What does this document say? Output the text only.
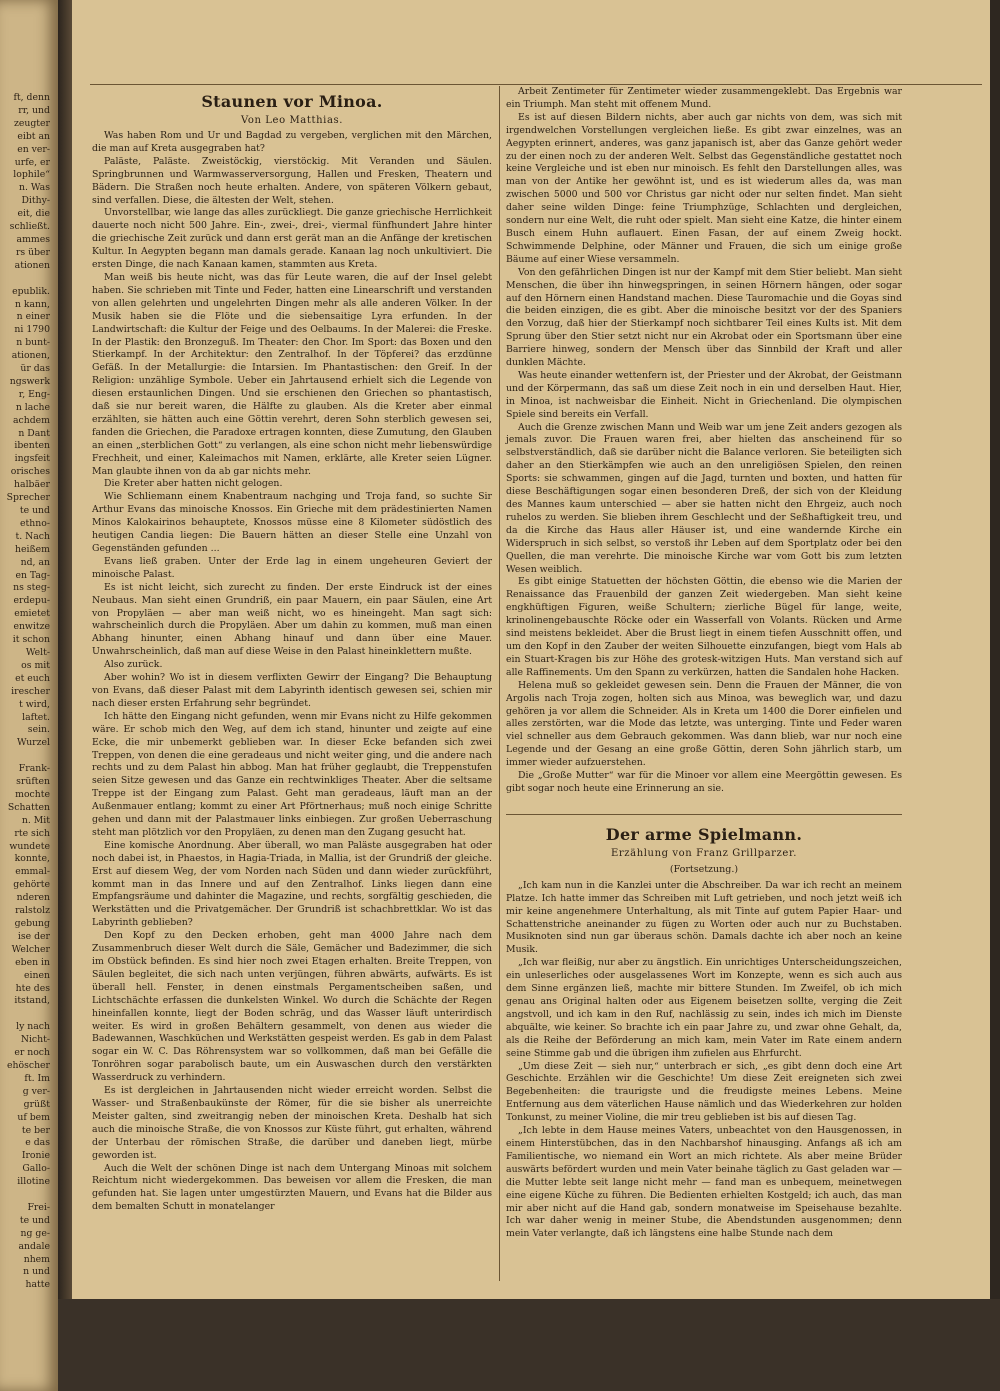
ft, denn
rr, und
zeugter
eibt an
en ver‑
urfe, er
lophile“
n. Was
Dithy‑
eit, die
schließt.
ammes
rs über
ationen

epublik.
n kann,
n einer
ni 1790
n bunt‑
ationen,
ür das
ngswerk
r, Eng‑
n lache
achdem
n Dant
ibenten
ingsfeit
orisches
halbäer
Sprecher
te und
ethno‑
t. Nach
heißem
nd, an
en Tag‑
ns steg‑
erdepu‑
emietet
enwitze
it schon
Welt‑
os mit
et euch
irescher
t wird,
laftet.
sein.
Wurzel

Frank‑
srüften
mochte
Schatten
n. Mit
rte sich
wundete
konnte,
emmal‑
gehörte
nderen
ralstolz
gebung
ise der
Welcher
eben in
einen
hte des
itstand,

ly nach
Nicht‑
er noch
ehöscher
ft. Im
g ver‑
grüßt
uf bem
te ber
e das
Ironie
Gallo‑
illotine

Frei‑
te und
ng ge‑
andale
nhem
n und
hatte
Staunen vor Minoa.
Von Leo Matthias.

Was haben Rom und Ur und Bagdad zu vergeben, verglichen mit den Märchen, die man auf Kreta ausgegraben hat?

Paläste, Paläste. Zweistöckig, vierstöckig. Mit Veranden und Säulen. Springbrunnen und Warmwasserversorgung, Hallen und Fresken, Theatern und Bädern. Die Straßen noch heute erhalten. Andere, von späteren Völkern gebaut, sind verfallen. Diese, die ältesten der Welt, stehen.

Unvorstellbar, wie lange das alles zurückliegt. Die ganze griechische Herrlichkeit dauerte noch nicht 500 Jahre. Ein‑, zwei‑, drei‑, viermal fünfhundert Jahre hinter die griechische Zeit zurück und dann erst gerät man an die Anfänge der kretischen Kultur. In Aegypten begann man damals gerade. Kanaan lag noch unkultiviert. Die ersten Dinge, die nach Kanaan kamen, stammten aus Kreta.

Man weiß bis heute nicht, was das für Leute waren, die auf der Insel gelebt haben. Sie schrieben mit Tinte und Feder, hatten eine Linearschrift und verstanden von allen gelehrten und ungelehrten Dingen mehr als alle anderen Völker. In der Musik haben sie die Flöte und die siebensaitige Lyra erfunden. In der Landwirtschaft: die Kultur der Feige und des Oelbaums. In der Malerei: die Freske. In der Plastik: den Bronzeguß. Im Theater: den Chor. Im Sport: das Boxen und den Stierkampf. In der Architektur: den Zentralhof. In der Töpferei? das erzdünne Gefäß. In der Metallurgie: die Intarsien. Im Phantastischen: den Greif. In der Religion: unzählige Symbole. Ueber ein Jahrtausend erhielt sich die Legende von diesen erstaunlichen Dingen. Und sie erschienen den Griechen so phantastisch, daß sie nur bereit waren, die Hälfte zu glauben. Als die Kreter aber einmal erzählten, sie hätten auch eine Göttin verehrt, deren Sohn sterblich gewesen sei, fanden die Griechen, die Paradoxe ertragen konnten, diese Zumutung, den Glauben an einen „sterblichen Gott“ zu verlangen, als eine schon nicht mehr liebenswürdige Frechheit, und einer, Kaleimachos mit Namen, erklärte, alle Kreter seien Lügner. Man glaubte ihnen von da ab gar nichts mehr.

Die Kreter aber hatten nicht gelogen.

Wie Schliemann einem Knabentraum nachging und Troja fand, so suchte Sir Arthur Evans das minoische Knossos. Ein Grieche mit dem prädestinierten Namen Minos Kalokairinos behauptete, Knossos müsse eine 8 Kilometer südöstlich des heutigen Candia liegen: Die Bauern hätten an dieser Stelle eine Unzahl von Gegenständen gefunden ...

Evans ließ graben. Unter der Erde lag in einem ungeheuren Geviert der minoische Palast.

Es ist nicht leicht, sich zurecht zu finden. Der erste Eindruck ist der eines Neubaus. Man sieht einen Grundriß, ein paar Mauern, ein paar Säulen, eine Art von Propyläen — aber man weiß nicht, wo es hineingeht. Man sagt sich: wahrscheinlich durch die Propyläen. Aber um dahin zu kommen, muß man einen Abhang hinunter, einen Abhang hinauf und dann über eine Mauer. Unwahrscheinlich, daß man auf diese Weise in den Palast hineinklettern mußte.

Also zurück.

Aber wohin? Wo ist in diesem verflixten Gewirr der Eingang? Die Behauptung von Evans, daß dieser Palast mit dem Labyrinth identisch gewesen sei, schien mir nach dieser ersten Erfahrung sehr begründet.

Ich hätte den Eingang nicht gefunden, wenn mir Evans nicht zu Hilfe gekommen wäre. Er schob mich den Weg, auf dem ich stand, hinunter und zeigte auf eine Ecke, die mir unbemerkt geblieben war. In dieser Ecke befanden sich zwei Treppen, von denen die eine geradeaus und nicht weiter ging, und die andere nach rechts und zu dem Palast hin abbog. Man hat früher geglaubt, die Treppenstufen seien Sitze gewesen und das Ganze ein rechtwinkliges Theater. Aber die seltsame Treppe ist der Eingang zum Palast. Geht man geradeaus, läuft man an der Außenmauer entlang; kommt zu einer Art Pförtnerhaus; muß noch einige Schritte gehen und dann mit der Palastmauer links einbiegen. Zur großen Ueberraschung steht man plötzlich vor den Propyläen, zu denen man den Zugang gesucht hat.

Eine komische Anordnung. Aber überall, wo man Paläste ausgegraben hat oder noch dabei ist, in Phaestos, in Hagia‑Triada, in Mallia, ist der Grundriß der gleiche. Erst auf diesem Weg, der vom Norden nach Süden und dann wieder zurückführt, kommt man in das Innere und auf den Zentralhof. Links liegen dann eine Empfangsräume und dahinter die Magazine, und rechts, sorgfältig geschieden, die Werkstätten und die Privatgemächer. Der Grundriß ist schachbrettklar. Wo ist das Labyrinth geblieben?

Den Kopf zu den Decken erhoben, geht man 4000 Jahre nach dem Zusammenbruch dieser Welt durch die Säle, Gemächer und Badezimmer, die sich im Obstück befinden. Es sind hier noch zwei Etagen erhalten. Breite Treppen, von Säulen begleitet, die sich nach unten verjüngen, führen abwärts, aufwärts. Es ist überall hell. Fenster, in denen einstmals Pergamentscheiben saßen, und Lichtschächte erfassen die dunkelsten Winkel. Wo durch die Schächte der Regen hineinfallen konnte, liegt der Boden schräg, und das Wasser läuft unterirdisch weiter. Es wird in großen Behältern gesammelt, von denen aus wieder die Badewannen, Waschküchen und Werkstätten gespeist werden. Es gab in dem Palast sogar ein W. C. Das Röhrensystem war so vollkommen, daß man bei Gefälle die Tonröhren sogar parabolisch baute, um ein Auswaschen durch den verstärkten Wasserdruck zu verhindern.

Es ist dergleichen in Jahrtausenden nicht wieder erreicht worden. Selbst die Wasser‑ und Straßenbaukünste der Römer, für die sie bisher als unerreichte Meister galten, sind zweitrangig neben der minoischen Kreta. Deshalb hat sich auch die minoische Straße, die von Knossos zur Küste führt, gut erhalten, während der Unterbau der römischen Straße, die darüber und daneben liegt, mürbe geworden ist.

Auch die Welt der schönen Dinge ist nach dem Untergang Minoas mit solchem Reichtum nicht wiedergekommen. Das beweisen vor allem die Fresken, die man gefunden hat. Sie lagen unter umgestürzten Mauern, und Evans hat die Bilder aus dem bemalten Schutt in monatelanger

Arbeit Zentimeter für Zentimeter wieder zusammengeklebt. Das Ergebnis war ein Triumph. Man steht mit offenem Mund.

Es ist auf diesen Bildern nichts, aber auch gar nichts von dem, was sich mit irgendwelchen Vorstellungen vergleichen ließe. Es gibt zwar einzelnes, was an Aegypten erinnert, anderes, was ganz japanisch ist, aber das Ganze gehört weder zu der einen noch zu der anderen Welt. Selbst das Gegenständliche gestattet noch keine Vergleiche und ist eben nur minoisch. Es fehlt den Darstellungen alles, was man von der Antike her gewöhnt ist, und es ist wiederum alles da, was man zwischen 5000 und 500 vor Christus gar nicht oder nur selten findet. Man sieht daher seine wilden Dinge: feine Triumphzüge, Schlachten und dergleichen, sondern nur eine Welt, die ruht oder spielt. Man sieht eine Katze, die hinter einem Busch einem Huhn auflauert. Einen Fasan, der auf einem Zweig hockt. Schwimmende Delphine, oder Männer und Frauen, die sich um einige große Bäume auf einer Wiese versammeln.

Von den gefährlichen Dingen ist nur der Kampf mit dem Stier beliebt. Man sieht Menschen, die über ihn hinwegspringen, in seinen Hörnern hängen, oder sogar auf den Hörnern einen Handstand machen. Diese Tauromachie und die Goyas sind die beiden einzigen, die es gibt. Aber die minoische besitzt vor der des Spaniers den Vorzug, daß hier der Stierkampf noch sichtbarer Teil eines Kults ist. Mit dem Sprung über den Stier setzt nicht nur ein Akrobat oder ein Sportsmann über eine Barriere hinweg, sondern der Mensch über das Sinnbild der Kraft und aller dunklen Mächte.

Was heute einander wettenfern ist, der Priester und der Akrobat, der Geistmann und der Körpermann, das saß um diese Zeit noch in ein und derselben Haut. Hier, in Minoa, ist nachweisbar die Einheit. Nicht in Griechenland. Die olympischen Spiele sind bereits ein Verfall.

Auch die Grenze zwischen Mann und Weib war um jene Zeit anders gezogen als jemals zuvor. Die Frauen waren frei, aber hielten das anscheinend für so selbstverständlich, daß sie darüber nicht die Balance verloren. Sie beteiligten sich daher an den Stierkämpfen wie auch an den unreligiösen Spielen, den reinen Sports: sie schwammen, gingen auf die Jagd, turnten und boxten, und hatten für diese Beschäftigungen sogar einen besonderen Dreß, der sich von der Kleidung des Mannes kaum unterschied — aber sie hatten nicht den Ehrgeiz, auch noch ruhelos zu werden. Sie blieben ihrem Geschlecht und der Seßhaftigkeit treu, und da die Kirche das Haus aller Häuser ist, und eine wandernde Kirche ein Widerspruch in sich selbst, so verstoß ihr Leben auf dem Sportplatz oder bei den Quellen, die man verehrte. Die minoische Kirche war vom Gott bis zum letzten Wesen weiblich.

Es gibt einige Statuetten der höchsten Göttin, die ebenso wie die Marien der Renaissance das Frauenbild der ganzen Zeit wiedergeben. Man sieht keine engkhüftigen Figuren, weiße Schultern; zierliche Bügel für lange, weite, krinolinengebauschte Röcke oder ein Wasserfall von Volants. Rücken und Arme sind meistens bekleidet. Aber die Brust liegt in einem tiefen Ausschnitt offen, und um den Kopf in den Zauber der weiten Silhouette einzufangen, biegt vom Hals ab ein Stuart‑Kragen bis zur Höhe des grotesk‑witzigen Huts. Man verstand sich auf alle Raffinements. Um den Spann zu verkürzen, hatten die Sandalen hohe Hacken.

Helena muß so gekleidet gewesen sein. Denn die Frauen der Männer, die von Argolis nach Troja zogen, holten sich aus Minoa, was beweglich war, und dazu gehören ja vor allem die Schneider. Als in Kreta um 1400 die Dorer einfielen und alles zerstörten, war die Mode das letzte, was unterging. Tinte und Feder waren viel schneller aus dem Gebrauch gekommen. Was dann blieb, war nur noch eine Legende und der Gesang an eine große Göttin, deren Sohn jährlich starb, um immer wieder aufzuerstehen.

Die „Große Mutter“ war für die Minoer vor allem eine Meergöttin gewesen. Es gibt sogar noch heute eine Erinnerung an sie.

Der arme Spielmann.
Erzählung von Franz Grillparzer.
(Fortsetzung.)

„Ich kam nun in die Kanzlei unter die Abschreiber. Da war ich recht an meinem Platze. Ich hatte immer das Schreiben mit Luft getrieben, und noch jetzt weiß ich mir keine angenehmere Unterhaltung, als mit Tinte auf gutem Papier Haar‑ und Schattenstriche aneinander zu fügen zu Worten oder auch nur zu Buchstaben. Musiknoten sind nun gar überaus schön. Damals dachte ich aber noch an keine Musik.

„Ich war fleißig, nur aber zu ängstlich. Ein unrichtiges Unterscheidungszeichen, ein unleserliches oder ausgelassenes Wort im Konzepte, wenn es sich auch aus dem Sinne ergänzen ließ, machte mir bittere Stunden. Im Zweifel, ob ich mich genau ans Original halten oder aus Eigenem beisetzen sollte, verging die Zeit angstvoll, und ich kam in den Ruf, nachlässig zu sein, indes ich mich im Dienste abquälte, wie keiner. So brachte ich ein paar Jahre zu, und zwar ohne Gehalt, da, als die Reihe der Beförderung an mich kam, mein Vater im Rate einem andern seine Stimme gab und die übrigen ihm zufielen aus Ehrfurcht.

„Um diese Zeit — sieh nur,“ unterbrach er sich, „es gibt denn doch eine Art Geschichte. Erzählen wir die Geschichte! Um diese Zeit ereigneten sich zwei Begebenheiten: die traurigste und die freudigste meines Lebens. Meine Entfernung aus dem väterlichen Hause nämlich und das Wiederkehren zur holden Tonkunst, zu meiner Violine, die mir treu geblieben ist bis auf diesen Tag.

„Ich lebte in dem Hause meines Vaters, unbeachtet von den Hausgenossen, in einem Hinterstübchen, das in den Nachbarshof hinausging. Anfangs aß ich am Familientische, wo niemand ein Wort an mich richtete. Als aber meine Brüder auswärts befördert wurden und mein Vater beinahe täglich zu Gast geladen war — die Mutter lebte seit lange nicht mehr — fand man es unbequem, meinetwegen eine eigene Küche zu führen. Die Bedienten erhielten Kostgeld; ich auch, das man mir aber nicht auf die Hand gab, sondern monatweise im Speisehause bezahlte. Ich war daher wenig in meiner Stube, die Abendstunden ausgenommen; denn mein Vater verlangte, daß ich längstens eine halbe Stunde nach dem
